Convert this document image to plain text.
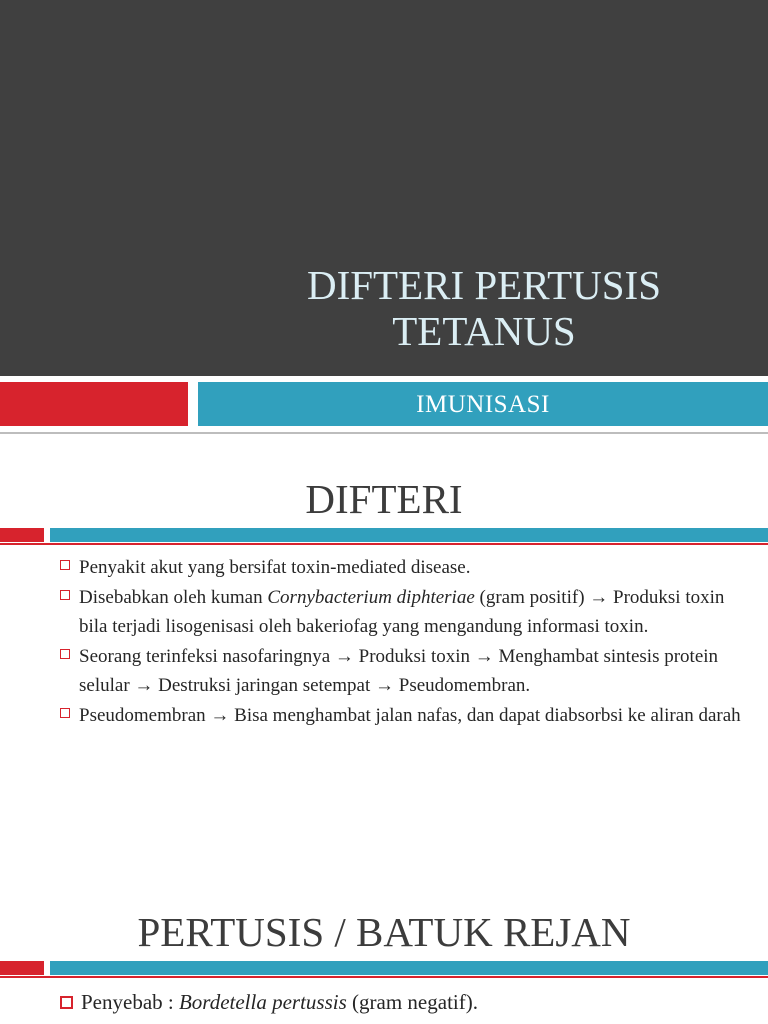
DIFTERI PERTUSIS
TETANUS
IMUNISASI
DIFTERI
Penyakit akut yang bersifat toxin-mediated disease.
Disebabkan oleh kuman Cornybacterium diphteriae (gram positif) → Produksi toxin bila terjadi lisogenisasi oleh bakeriofag yang mengandung informasi toxin.
Seorang terinfeksi nasofaringnya → Produksi toxin → Menghambat sintesis protein selular → Destruksi jaringan setempat → Pseudomembran.
Pseudomembran → Bisa menghambat jalan nafas, dan dapat diabsorbsi ke aliran darah
PERTUSIS / BATUK REJAN
Penyebab : Bordetella pertussis (gram negatif).
